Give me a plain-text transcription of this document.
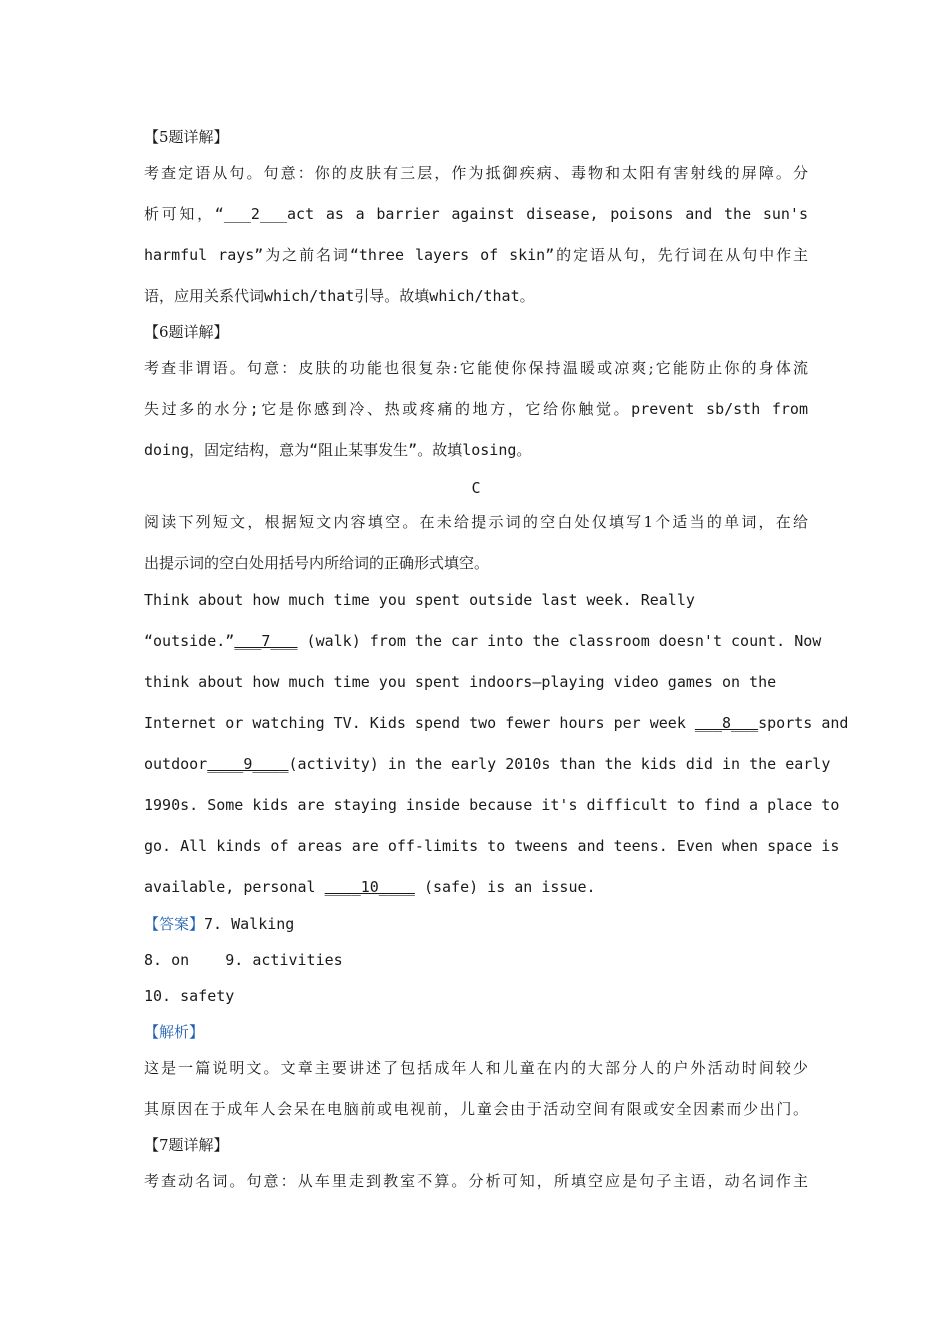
【5题详解】
考查定语从句。句意：你的皮肤有三层，作为抵御疾病、毒物和太阳有害射线的屏障。分
析可知，“___2___act as a barrier against disease, poisons and the sun's
harmful rays”为之前名词“three layers of skin”的定语从句，先行词在从句中作主
语，应用关系代词which/that引导。故填which/that。
【6题详解】
考查非谓语。句意：皮肤的功能也很复杂:它能使你保持温暖或凉爽;它能防止你的身体流
失过多的水分;它是你感到冷、热或疼痛的地方，它给你触觉。prevent sb/sth from
doing，固定结构，意为“阻止某事发生”。故填losing。
C
阅读下列短文，根据短文内容填空。在未给提示词的空白处仅填写1个适当的单词，在给
出提示词的空白处用括号内所给词的正确形式填空。
Think about how much time you spent outside last week. Really
“outside.”___7___ (walk) from the car into the classroom doesn't count. Now
think about how much time you spent indoors—playing video games on the
Internet or watching TV. Kids spend two fewer hours per week ___8___sports and
outdoor____9____(activity) in the early 2010s than the kids did in the early
1990s. Some kids are staying inside because it's difficult to find a place to
go. All kinds of areas are off-limits to tweens and teens. Even when space is
available, personal ____10____ (safe) is an issue.
【答案】7. Walking
8. on    9. activities
10. safety
【解析】
这是一篇说明文。文章主要讲述了包括成年人和儿童在内的大部分人的户外活动时间较少
其原因在于成年人会呆在电脑前或电视前，儿童会由于活动空间有限或安全因素而少出门。
【7题详解】
考查动名词。句意：从车里走到教室不算。分析可知，所填空应是句子主语，动名词作主
